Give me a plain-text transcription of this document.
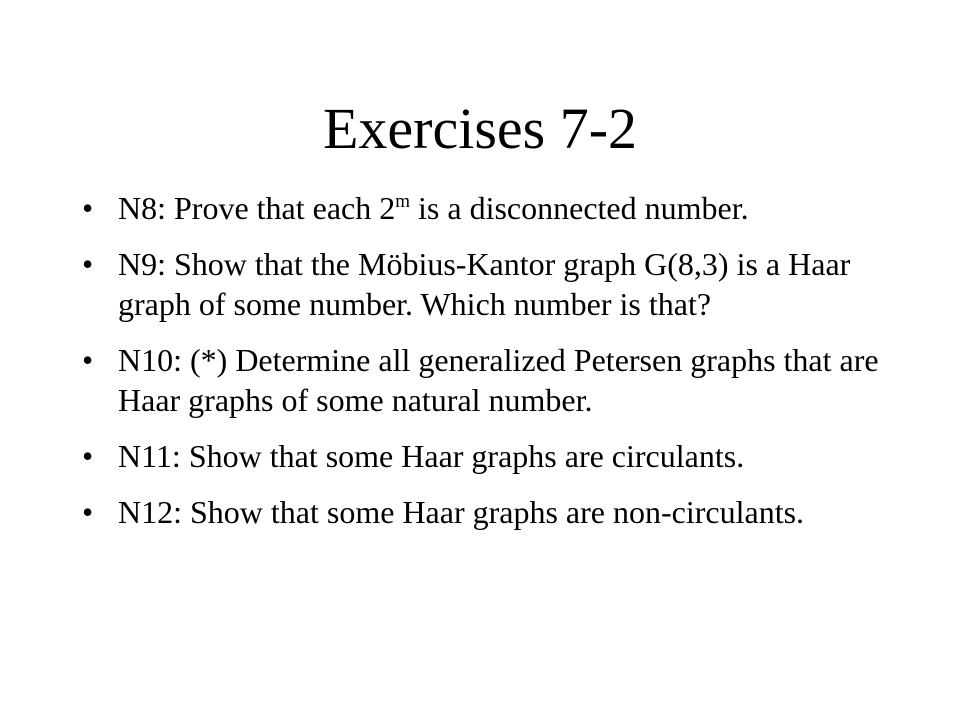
Exercises 7-2
• N8: Prove that each 2$^m$ is a disconnected number.
• N9: Show that the Möbius-Kantor graph G(8,3) is a Haar graph of some number. Which number is that?
• N10: (*) Determine all generalized Petersen graphs that are Haar graphs of some natural number.
• N11: Show that some Haar graphs are circulants.
• N12: Show that some Haar graphs are non-circulants.
